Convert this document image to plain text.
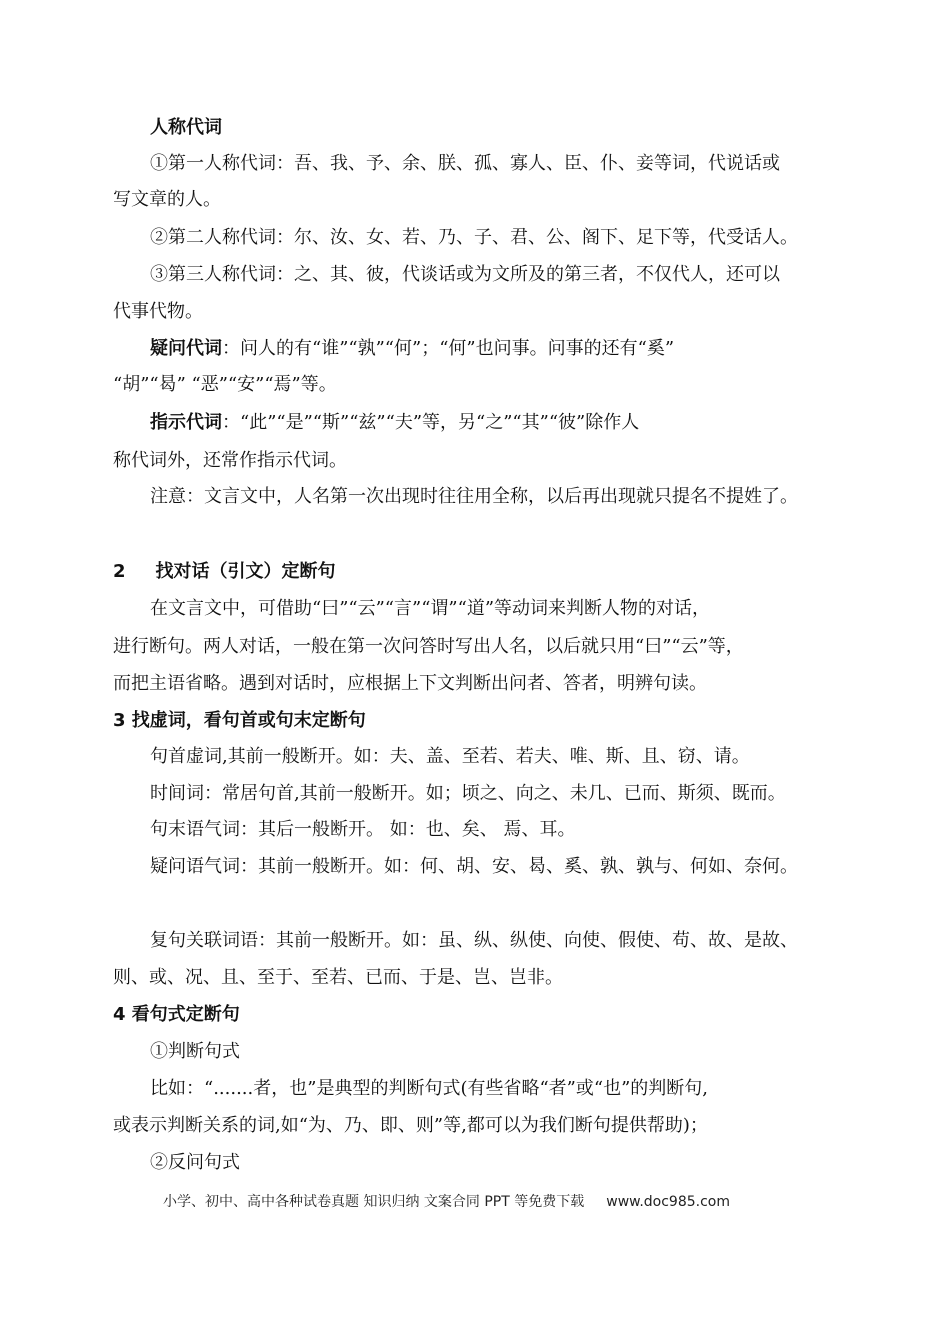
人称代词
①第一人称代词：吾、我、予、余、朕、孤、寡人、臣、仆、妾等词，代说话或
写文章的人。
②第二人称代词：尔、汝、女、若、乃、子、君、公、阁下、足下等，代受话人。
③第三人称代词：之、其、彼，代谈话或为文所及的第三者，不仅代人，还可以
代事代物。
疑问代词：问人的有“谁”“孰”“何”；“何”也问事。问事的还有“奚”
“胡”“曷” “恶”“安”“焉”等。
指示代词：“此”“是”“斯”“兹”“夫”等，另“之”“其”“彼”除作人
称代词外，还常作指示代词。
注意：文言文中，人名第一次出现时往往用全称，以后再出现就只提名不提姓了。
2 找对话（引文）定断句
在文言文中，可借助“曰”“云”“言”“谓”“道”等动词来判断人物的对话，
进行断句。两人对话，一般在第一次问答时写出人名，以后就只用“曰”“云”等，
而把主语省略。遇到对话时，应根据上下文判断出问者、答者，明辨句读。
3 找虚词，看句首或句末定断句
句首虚词,其前一般断开。如：夫、盖、至若、若夫、唯、斯、且、窃、请。
时间词：常居句首,其前一般断开。如；顷之、向之、未几、已而、斯须、既而。
句末语气词：其后一般断开。 如：也、矣、 焉、耳。
疑问语气词：其前一般断开。如：何、胡、安、曷、奚、孰、孰与、何如、奈何。
复句关联词语：其前一般断开。如：虽、纵、纵使、向使、假使、苟、故、是故、
则、或、况、且、至于、至若、已而、于是、岂、岂非。
4 看句式定断句
①判断句式
比如：“.......者，也”是典型的判断句式(有些省略“者”或“也”的判断句,
或表示判断关系的词,如“为、乃、即、则”等,都可以为我们断句提供帮助)；
②反问句式
小学、初中、高中各种试卷真题 知识归纳 文案合同 PPT 等免费下载 www.doc985.com
